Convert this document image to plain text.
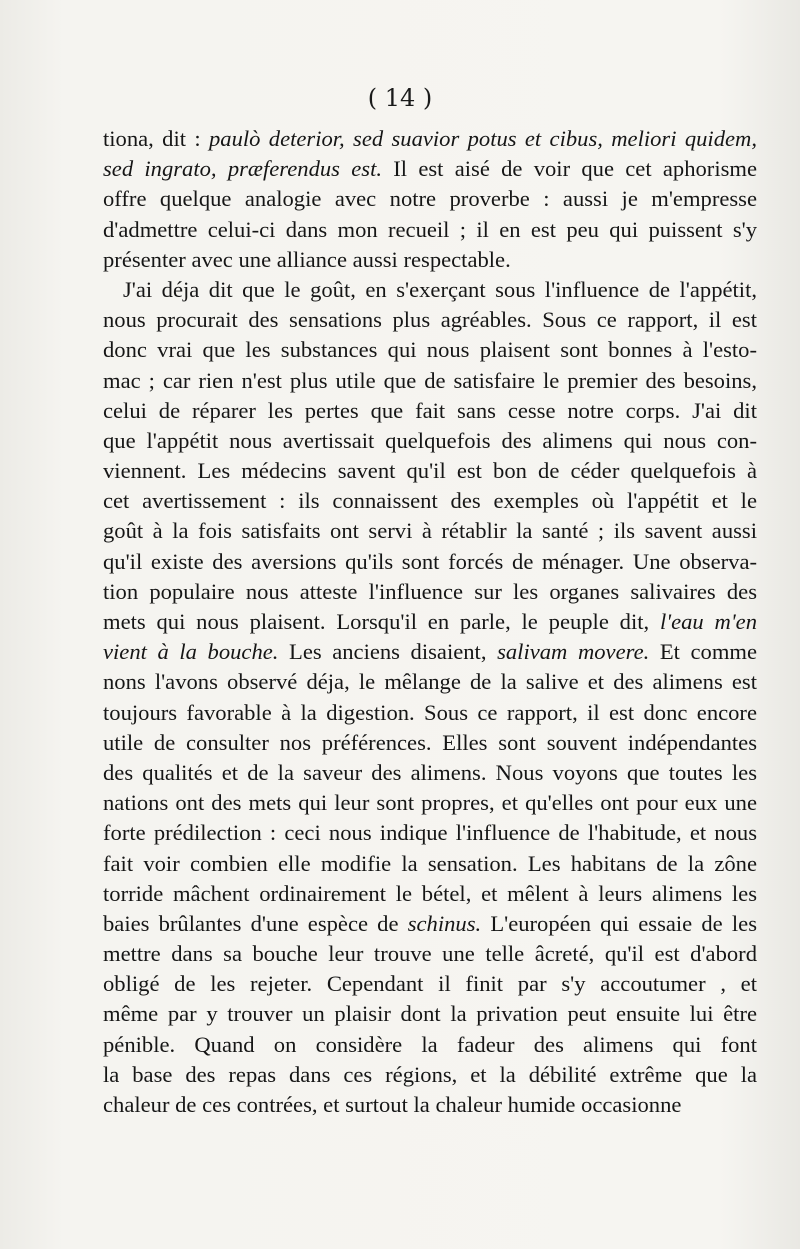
( 14 )
tiona, dit : paulò deterior, sed suavior potus et cibus, meliori quidem,
sed ingrato, præferendus est. Il est aisé de voir que cet aphorisme
offre quelque analogie avec notre proverbe : aussi je m'empresse
d'admettre celui-ci dans mon recueil ; il en est peu qui puissent s'y
présenter avec une alliance aussi respectable.
J'ai déja dit que le goût, en s'exerçant sous l'influence de l'appétit,
nous procurait des sensations plus agréables. Sous ce rapport, il est
donc vrai que les substances qui nous plaisent sont bonnes à l'esto-
mac ; car rien n'est plus utile que de satisfaire le premier des besoins,
celui de réparer les pertes que fait sans cesse notre corps. J'ai dit
que l'appétit nous avertissait quelquefois des alimens qui nous con-
viennent. Les médecins savent qu'il est bon de céder quelquefois à
cet avertissement : ils connaissent des exemples où l'appétit et le
goût à la fois satisfaits ont servi à rétablir la santé ; ils savent aussi
qu'il existe des aversions qu'ils sont forcés de ménager. Une observa-
tion populaire nous atteste l'influence sur les organes salivaires des
mets qui nous plaisent. Lorsqu'il en parle, le peuple dit, l'eau m'en
vient à la bouche. Les anciens disaient, salivam movere. Et comme
nons l'avons observé déja, le mêlange de la salive et des alimens est
toujours favorable à la digestion. Sous ce rapport, il est donc encore
utile de consulter nos préférences. Elles sont souvent indépendantes
des qualités et de la saveur des alimens. Nous voyons que toutes les
nations ont des mets qui leur sont propres, et qu'elles ont pour eux une
forte prédilection : ceci nous indique l'influence de l'habitude, et nous
fait voir combien elle modifie la sensation. Les habitans de la zône
torride mâchent ordinairement le bétel, et mêlent à leurs alimens les
baies brûlantes d'une espèce de schinus. L'européen qui essaie de les
mettre dans sa bouche leur trouve une telle âcreté, qu'il est d'abord
obligé de les rejeter. Cependant il finit par s'y accoutumer , et
même par y trouver un plaisir dont la privation peut ensuite lui être
pénible. Quand on considère la fadeur des alimens qui font
la base des repas dans ces régions, et la débilité extrême que la
chaleur de ces contrées, et surtout la chaleur humide occasionne
